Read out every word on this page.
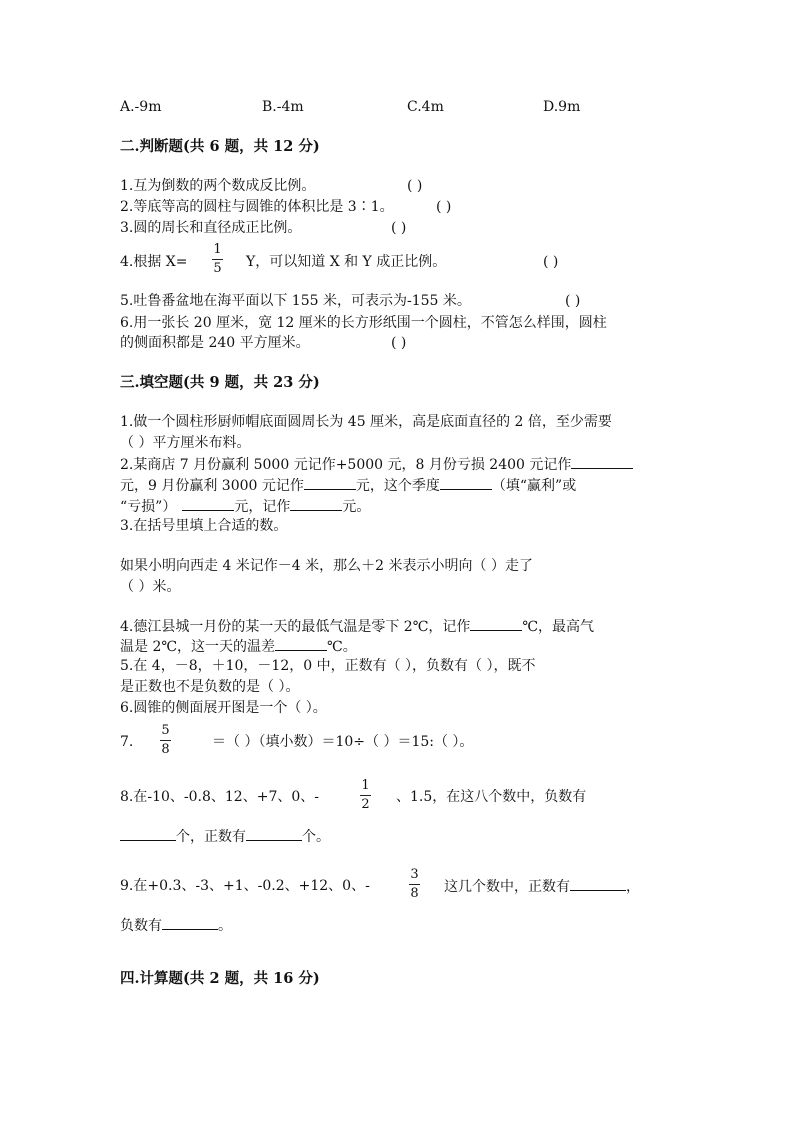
A.-9m	B.-4m	C.4m	D.9m
二.判断题(共 6 题，共 12 分)
1.互为倒数的两个数成反比例。	( )
2.等底等高的圆柱与圆锥的体积比是 3∶1。	( )
3.圆的周长和直径成正比例。	( )
4.根据 X=
1
5 Y，可以知道 X 和 Y 成正比例。	( )
5.吐鲁番盆地在海平面以下 155 米，可表示为-155 米。	( )
6.用一张长 20 厘米，宽 12 厘米的长方形纸围一个圆柱，不管怎么样围，圆柱
的侧面积都是 240 平方厘米。	( )
三.填空题(共 9 题，共 23 分)
1.做一个圆柱形厨师帽底面圆周长为 45 厘米，高是底面直径的 2 倍，至少需要
（ ）平方厘米布料。
2.某商店 7 月份赢利 5000 元记作+5000 元，8 月份亏损 2400 元记作
元，9 月份赢利 3000 元记作	元，这个季度	（填“赢利”或
“亏损”）	元，记作	元。
3.在括号里填上合适的数。
如果小明向西走 4 米记作－4 米，那么＋2 米表示小明向（ ）走了
（ ）米。
4.德江县城一月份的某一天的最低气温是零下 2℃，记作	℃，最高气
温是 2℃，这一天的温差	℃。
5.在 4，－8，＋10，－12，0 中，正数有（ ），负数有（ ），既不
是正数也不是负数的是（ ）。
6.圆锥的侧面展开图是一个（ ）。
7.
5
8	＝（ ）（填小数）＝10÷（ ）＝15:（ ）。
8.在-10、-0.8、12、+7、0、-
1
2 、1.5，在这八个数中，负数有
个，正数有	个。
9.在+0.3、-3、+1、-0.2、+12、0、-
3
8 这几个数中，正数有	，
负数有	。
四.计算题(共 2 题，共 16 分)
